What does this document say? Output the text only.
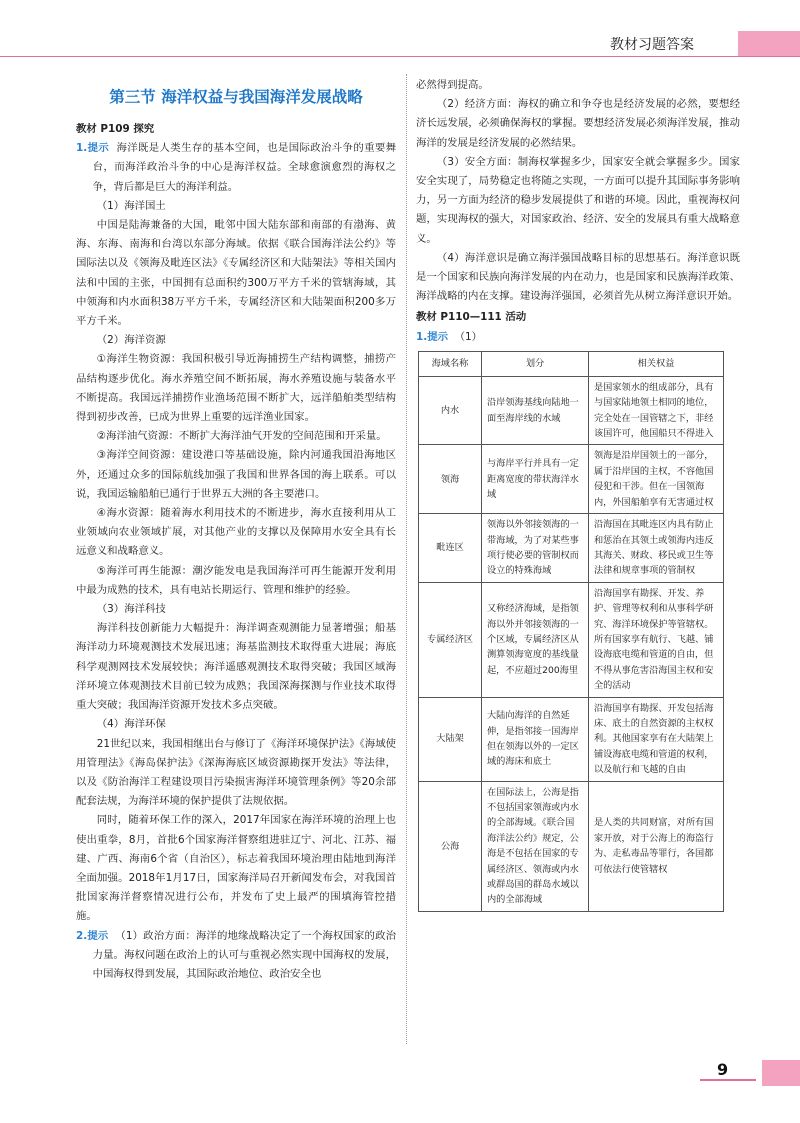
教材习题答案
第三节 海洋权益与我国海洋发展战略
教材 P109 探究

1.提示 海洋既是人类生存的基本空间，也是国际政治斗争的重要舞台，而海洋政治斗争的中心是海洋权益。全球愈演愈烈的海权之争，背后都是巨大的海洋利益。

（1）海洋国土

中国是陆海兼备的大国，毗邻中国大陆东部和南部的有渤海、黄海、东海、南海和台湾以东部分海域。依据《联合国海洋法公约》等国际法以及《领海及毗连区法》《专属经济区和大陆架法》等相关国内法和中国的主张，中国拥有总面积约300万平方千米的管辖海域，其中领海和内水面积38万平方千米，专属经济区和大陆架面积200多万平方千米。

（2）海洋资源

①海洋生物资源：我国积极引导近海捕捞生产结构调整，捕捞产品结构逐步优化。海水养殖空间不断拓展，海水养殖设施与装备水平不断提高。我国远洋捕捞作业渔场范围不断扩大，远洋船舶类型结构得到初步改善，已成为世界上重要的远洋渔业国家。

②海洋油气资源：不断扩大海洋油气开发的空间范围和开采量。

③海洋空间资源：建设港口等基础设施，除内河通我国沿海地区外，还通过众多的国际航线加强了我国和世界各国的海上联系。可以说，我国运输船舶已通行于世界五大洲的各主要港口。

④海水资源：随着海水利用技术的不断进步，海水直接利用从工业领域向农业领域扩展，对其他产业的支撑以及保障用水安全具有长远意义和战略意义。

⑤海洋可再生能源：潮汐能发电是我国海洋可再生能源开发利用中最为成熟的技术，具有电站长期运行、管理和维护的经验。

（3）海洋科技

海洋科技创新能力大幅提升：海洋调查观测能力显著增强；船基海洋动力环境观测技术发展迅速；海基监测技术取得重大进展；海底科学观测网技术发展较快；海洋遥感观测技术取得突破；我国区域海洋环境立体观测技术目前已较为成熟；我国深海探测与作业技术取得重大突破；我国海洋资源开发技术多点突破。

（4）海洋环保

21世纪以来，我国相继出台与修订了《海洋环境保护法》《海域使用管理法》《海岛保护法》《深海海底区域资源勘探开发法》等法律，以及《防治海洋工程建设项目污染损害海洋环境管理条例》等20余部配套法规，为海洋环境的保护提供了法规依据。

同时，随着环保工作的深入，2017年国家在海洋环境的治理上也使出重拳，8月，首批6个国家海洋督察组进驻辽宁、河北、江苏、福建、广西、海南6个省（自治区），标志着我国环境治理由陆地到海洋全面加强。2018年1月17日，国家海洋局召开新闻发布会，对我国首批国家海洋督察情况进行公布，并发布了史上最严的围填海管控措施。

2.提示 （1）政治方面：海洋的地缘战略决定了一个海权国家的政治力量。海权问题在政治上的认可与重视必然实现中国海权的发展，中国海权得到发展，其国际政治地位、政治安全也

必然得到提高。

（2）经济方面：海权的确立和争夺也是经济发展的必然，要想经济长远发展，必须确保海权的掌握。要想经济发展必须海洋发展，推动海洋的发展是经济发展的必然结果。

（3）安全方面：制海权掌握多少，国家安全就会掌握多少。国家安全实现了，局势稳定也将随之实现，一方面可以提升其国际事务影响力，另一方面为经济的稳步发展提供了和谐的环境。因此，重视海权问题，实现海权的强大，对国家政治、经济、安全的发展具有重大战略意义。

（4）海洋意识是确立海洋强国战略目标的思想基石。海洋意识既是一个国家和民族向海洋发展的内在动力，也是国家和民族海洋政策、海洋战略的内在支撑。建设海洋强国，必须首先从树立海洋意识开始。

教材 P110—111 活动

1.提示 （1）

海域名称	划分	相关权益
内水	沿岸领海基线向陆地一面至海岸线的水域	是国家领水的组成部分，具有与国家陆地领土相同的地位，完全处在一国管辖之下，非经该国许可，他国船只不得进入
领海	与海岸平行并具有一定距离宽度的带状海洋水域	领海是沿岸国领土的一部分，属于沿岸国的主权，不容他国侵犯和干涉。但在一国领海内，外国船舶享有无害通过权
毗连区	领海以外邻接领海的一带海域，为了对某些事项行使必要的管制权而设立的特殊海域	沿海国在其毗连区内具有防止和惩治在其领土或领海内违反其海关、财政、移民或卫生等法律和规章事项的管制权
专属经济区	又称经济海域，是指领海以外并邻接领海的一个区域，专属经济区从测算领海宽度的基线量起，不应超过200海里	沿海国享有勘探、开发、养护、管理等权利和从事科学研究、海洋环境保护等管辖权。所有国家享有航行、飞越、铺设海底电缆和管道的自由，但不得从事危害沿海国主权和安全的活动
大陆架	大陆向海洋的自然延伸，是指邻接一国海岸但在领海以外的一定区域的海床和底土	沿海国享有勘探、开发包括海床、底土的自然资源的主权权利。其他国家享有在大陆架上铺设海底电缆和管道的权利，以及航行和飞越的自由
公海	在国际法上，公海是指不包括国家领海或内水的全部海域。《联合国海洋法公约》规定，公海是不包括在国家的专属经济区、领海或内水或群岛国的群岛水域以内的全部海域	是人类的共同财富，对所有国家开放，对于公海上的海盗行为、走私毒品等罪行，各国都可依法行使管辖权
9
